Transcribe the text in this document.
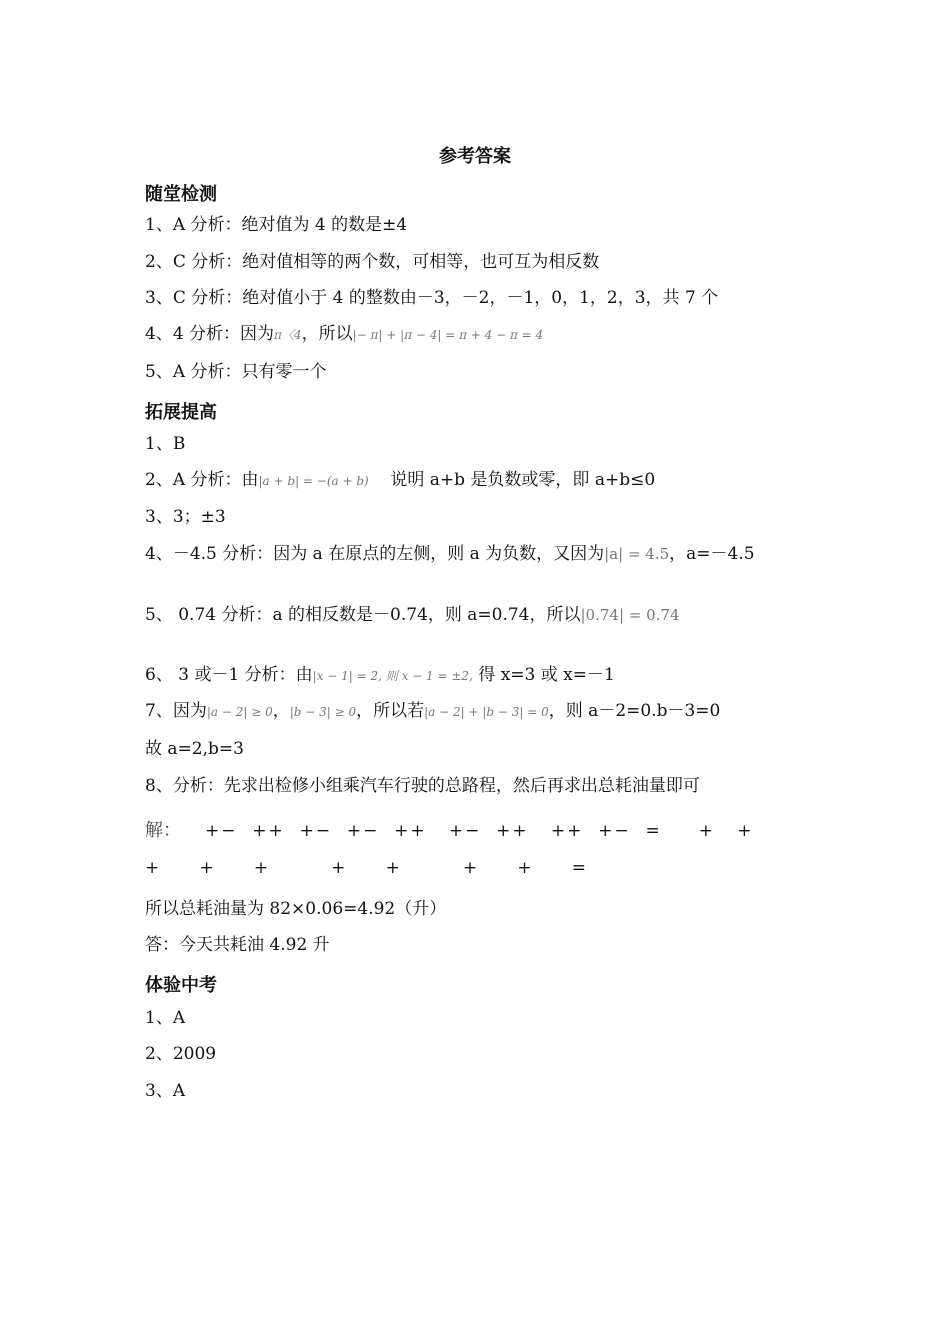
参考答案
随堂检测
1、A 分析：绝对值为 4 的数是±4
2、C 分析：绝对值相等的两个数，可相等，也可互为相反数
3、C 分析：绝对值小于 4 的整数由－3，－2，－1，0，1，2，3，共 7 个
4、4 分析：因为π〈4，所以|− π| + |π − 4| = π + 4 − π = 4
5、A 分析：只有零一个
拓展提高
1、B
2、A 分析：由|a + b| = −(a + b) 说明 a+b 是负数或零，即 a+b≤0
3、3；±3
4、－4.5 分析：因为 a 在原点的左侧，则 a 为负数，又因为|a| = 4.5，a=－4.5
5、 0.74 分析：a 的相反数是－0.74，则 a=0.74，所以|0.74| = 0.74
6、 3 或－1 分析：由|x − 1| = 2, 则 x − 1 = ±2, 得 x=3 或 x=－1
7、因为|a − 2| ≥ 0，|b − 3| ≥ 0，所以若|a − 2| + |b − 3| = 0，则 a－2=0.b－3=0
故 a=2,b=3
8、分析：先求出检修小组乘汽车行驶的总路程，然后再求出总耗油量即可
解： +−  ++  +−  +−  ++   +−  ++   ++  +−  =     +   +
+   +   +     +   +     +   +   =
所以总耗油量为 82×0.06=4.92（升）
答：今天共耗油 4.92 升
体验中考
1、A
2、2009
3、A
